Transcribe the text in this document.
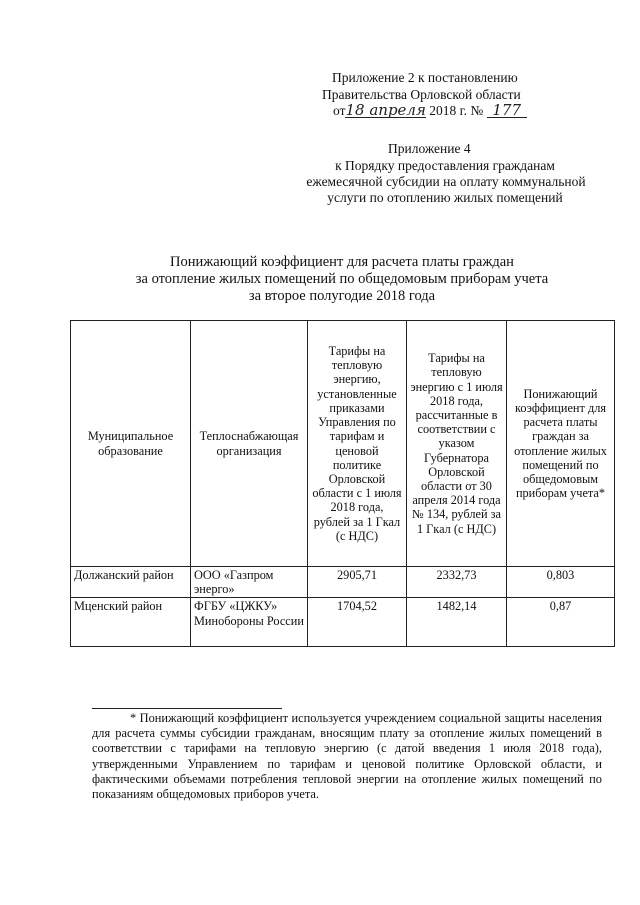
Приложение 2 к постановлению
Правительства Орловской области
от18 апреля 2018 г. № 177
Приложение 4
к Порядку предоставления гражданам
ежемесячной субсидии на оплату коммунальной
услуги по отоплению жилых помещений
Понижающий коэффициент для расчета платы граждан
за отопление жилых помещений по общедомовым приборам учета
за второе полугодие 2018 года
Муниципальное образование	Теплоснабжающая организация	Тарифы на тепловую энергию, установленные приказами Управления по тарифам и ценовой политике Орловской области с 1 июля 2018 года, рублей за 1 Гкал (с НДС)	Тарифы на тепловую энергию с 1 июля 2018 года, рассчитанные в соответствии с указом Губернатора Орловской области от 30 апреля 2014 года № 134, рублей за 1 Гкал (с НДС)	Понижающий коэффициент для расчета платы граждан за отопление жилых помещений по общедомовым приборам учета*
Должанский район	ООО «Газпром энерго»	2905,71	2332,73	0,803
Мценский район	ФГБУ «ЦЖКУ» Минобороны России	1704,52	1482,14	0,87
* Понижающий коэффициент используется учреждением социальной защиты населения для расчета суммы субсидии гражданам, вносящим плату за отопление жилых помещений в соответствии с тарифами на тепловую энергию (с датой введения 1 июля 2018 года), утвержденными Управлением по тарифам и ценовой политике Орловской области, и фактическими объемами потребления тепловой энергии на отопление жилых помещений по показаниям общедомовых приборов учета.
